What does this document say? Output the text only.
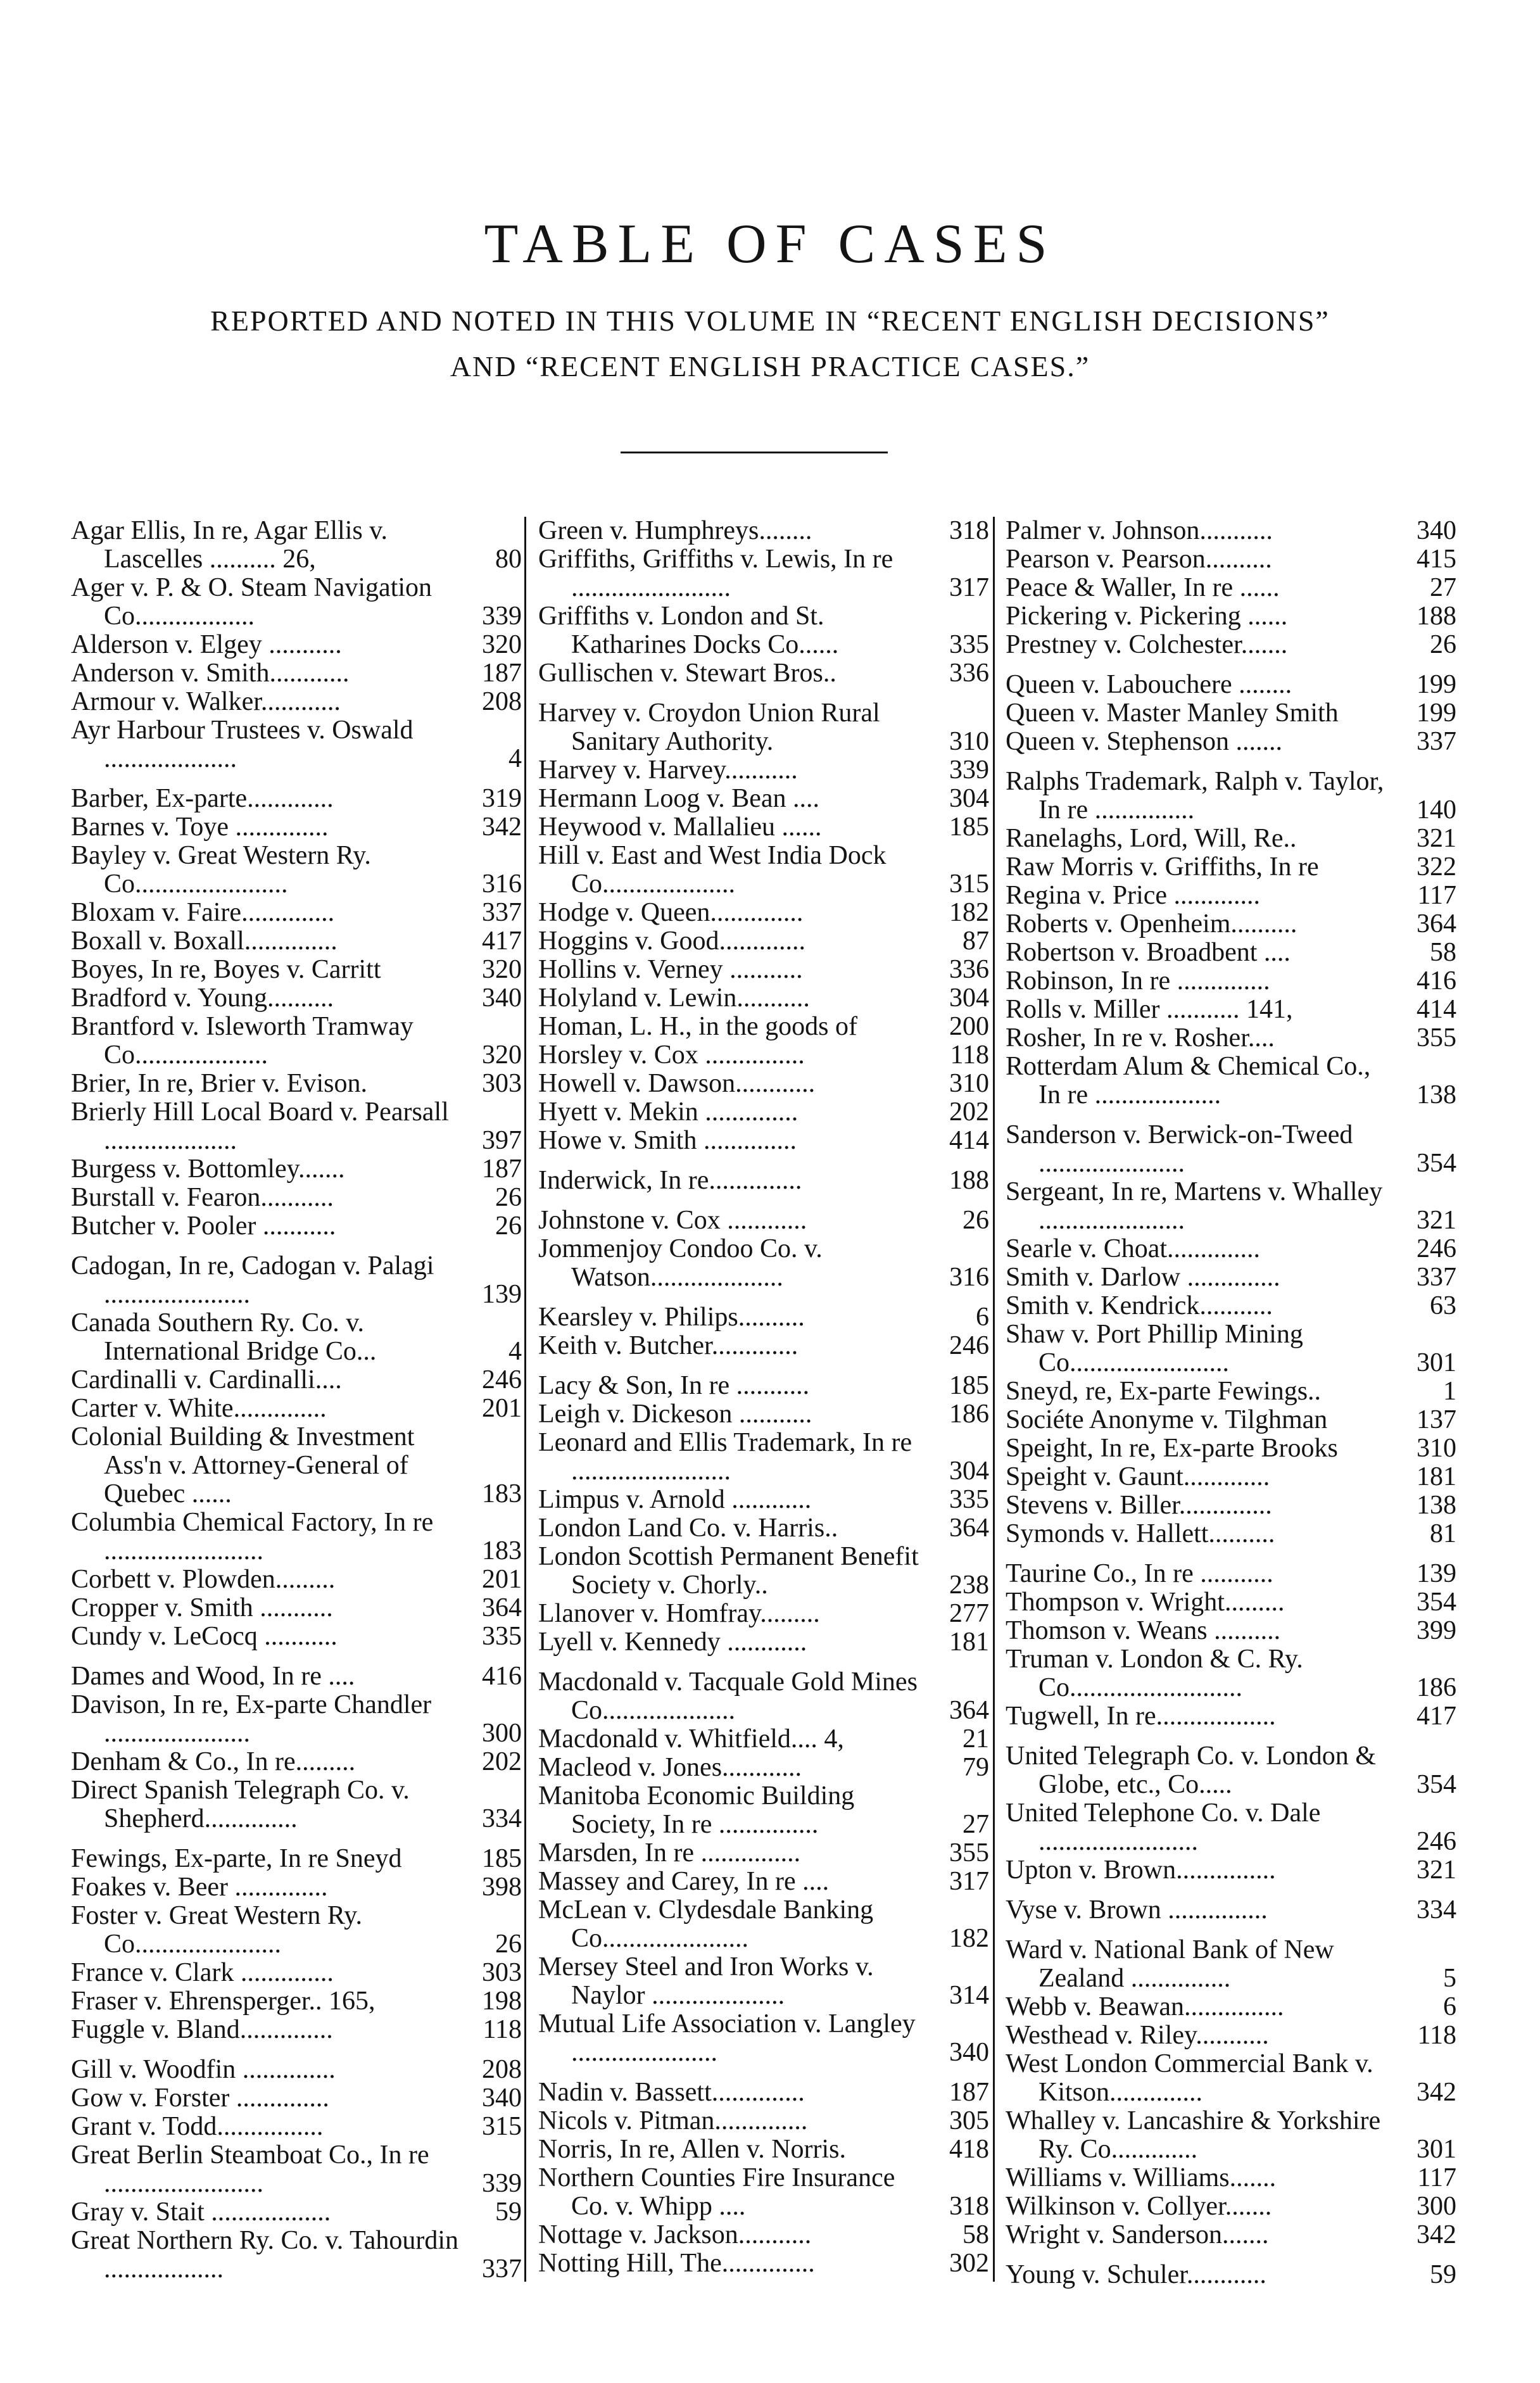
TABLE OF CASES
REPORTED AND NOTED IN THIS VOLUME IN “RECENT ENGLISH DECISIONS”
AND “RECENT ENGLISH PRACTICE CASES.”
Agar Ellis, In re, Agar Ellis v. Lascelles .......... 26,	80
Ager v. P. & O. Steam Navigation Co..................	339
Alderson v. Elgey ...........	320
Anderson v. Smith............	187
Armour v. Walker............	208
Ayr Harbour Trustees v. Oswald ....................	4
Barber, Ex-parte.............	319
Barnes v. Toye ..............	342
Bayley v. Great Western Ry. Co.......................	316
Bloxam v. Faire..............	337
Boxall v. Boxall..............	417
Boyes, In re, Boyes v. Carritt	320
Bradford v. Young..........	340
Brantford v. Isleworth Tramway Co....................	320
Brier, In re, Brier v. Evison.	303
Brierly Hill Local Board v. Pearsall ....................	397
Burgess v. Bottomley.......	187
Burstall v. Fearon...........	26
Butcher v. Pooler ...........	26
Cadogan, In re, Cadogan v. Palagi ......................	139
Canada Southern Ry. Co. v. International Bridge Co...	4
Cardinalli v. Cardinalli....	246
Carter v. White..............	201
Colonial Building & Investment Ass'n v. Attorney-General of Quebec ......	183
Columbia Chemical Factory, In re ........................	183
Corbett v. Plowden.........	201
Cropper v. Smith ...........	364
Cundy v. LeCocq ...........	335
Dames and Wood, In re ....	416
Davison, In re, Ex-parte Chandler ......................	300
Denham & Co., In re.........	202
Direct Spanish Telegraph Co. v. Shepherd..............	334
Fewings, Ex-parte, In re Sneyd	185
Foakes v. Beer ..............	398
Foster v. Great Western Ry. Co......................	26
France v. Clark ..............	303
Fraser v. Ehrensperger.. 165,	198
Fuggle v. Bland..............	118
Gill v. Woodfin ..............	208
Gow v. Forster ..............	340
Grant v. Todd................	315
Great Berlin Steamboat Co., In re ........................	339
Gray v. Stait ..................	59
Great Northern Ry. Co. v. Tahourdin ..................	337
Green v. Humphreys........	318
Griffiths, Griffiths v. Lewis, In re ........................	317
Griffiths v. London and St. Katharines Docks Co......	335
Gullischen v. Stewart Bros..	336
Harvey v. Croydon Union Rural Sanitary Authority.	310
Harvey v. Harvey...........	339
Hermann Loog v. Bean ....	304
Heywood v. Mallalieu ......	185
Hill v. East and West India Dock Co....................	315
Hodge v. Queen..............	182
Hoggins v. Good.............	87
Hollins v. Verney ...........	336
Holyland v. Lewin...........	304
Homan, L. H., in the goods of	200
Horsley v. Cox ...............	118
Howell v. Dawson............	310
Hyett v. Mekin ..............	202
Howe v. Smith ..............	414
Inderwick, In re..............	188
Johnstone v. Cox ............	26
Jommenjoy Condoo Co. v. Watson....................	316
Kearsley v. Philips..........	6
Keith v. Butcher.............	246
Lacy & Son, In re ...........	185
Leigh v. Dickeson ...........	186
Leonard and Ellis Trademark, In re ........................	304
Limpus v. Arnold ............	335
London Land Co. v. Harris..	364
London Scottish Permanent Benefit Society v. Chorly..	238
Llanover v. Homfray.........	277
Lyell v. Kennedy ............	181
Macdonald v. Tacquale Gold Mines Co....................	364
Macdonald v. Whitfield.... 4,	21
Macleod v. Jones............	79
Manitoba Economic Building Society, In re ...............	27
Marsden, In re ...............	355
Massey and Carey, In re ....	317
McLean v. Clydesdale Banking Co......................	182
Mersey Steel and Iron Works v. Naylor ....................	314
Mutual Life Association v. Langley ......................	340
Nadin v. Bassett..............	187
Nicols v. Pitman..............	305
Norris, In re, Allen v. Norris.	418
Northern Counties Fire Insurance Co. v. Whipp ....	318
Nottage v. Jackson...........	58
Notting Hill, The..............	302
Palmer v. Johnson...........	340
Pearson v. Pearson..........	415
Peace & Waller, In re ......	27
Pickering v. Pickering ......	188
Prestney v. Colchester.......	26
Queen v. Labouchere ........	199
Queen v. Master Manley Smith	199
Queen v. Stephenson .......	337
Ralphs Trademark, Ralph v. Taylor, In re ...............	140
Ranelaghs, Lord, Will, Re..	321
Raw Morris v. Griffiths, In re	322
Regina v. Price .............	117
Roberts v. Openheim..........	364
Robertson v. Broadbent ....	58
Robinson, In re ..............	416
Rolls v. Miller ........... 141,	414
Rosher, In re v. Rosher....	355
Rotterdam Alum & Chemical Co., In re ...................	138
Sanderson v. Berwick-on-Tweed ......................	354
Sergeant, In re, Martens v. Whalley ......................	321
Searle v. Choat..............	246
Smith v. Darlow ..............	337
Smith v. Kendrick...........	63
Shaw v. Port Phillip Mining Co........................	301
Sneyd, re, Ex-parte Fewings..	1
Sociéte Anonyme v. Tilghman	137
Speight, In re, Ex-parte Brooks	310
Speight v. Gaunt.............	181
Stevens v. Biller..............	138
Symonds v. Hallett..........	81
Taurine Co., In re ...........	139
Thompson v. Wright.........	354
Thomson v. Weans ..........	399
Truman v. London & C. Ry. Co..........................	186
Tugwell, In re..................	417
United Telegraph Co. v. London & Globe, etc., Co.....	354
United Telephone Co. v. Dale ........................	246
Upton v. Brown...............	321
Vyse v. Brown ...............	334
Ward v. National Bank of New Zealand ...............	5
Webb v. Beawan...............	6
Westhead v. Riley...........	118
West London Commercial Bank v. Kitson..............	342
Whalley v. Lancashire & Yorkshire Ry. Co.............	301
Williams v. Williams.......	117
Wilkinson v. Collyer.......	300
Wright v. Sanderson.......	342
Young v. Schuler............	59
